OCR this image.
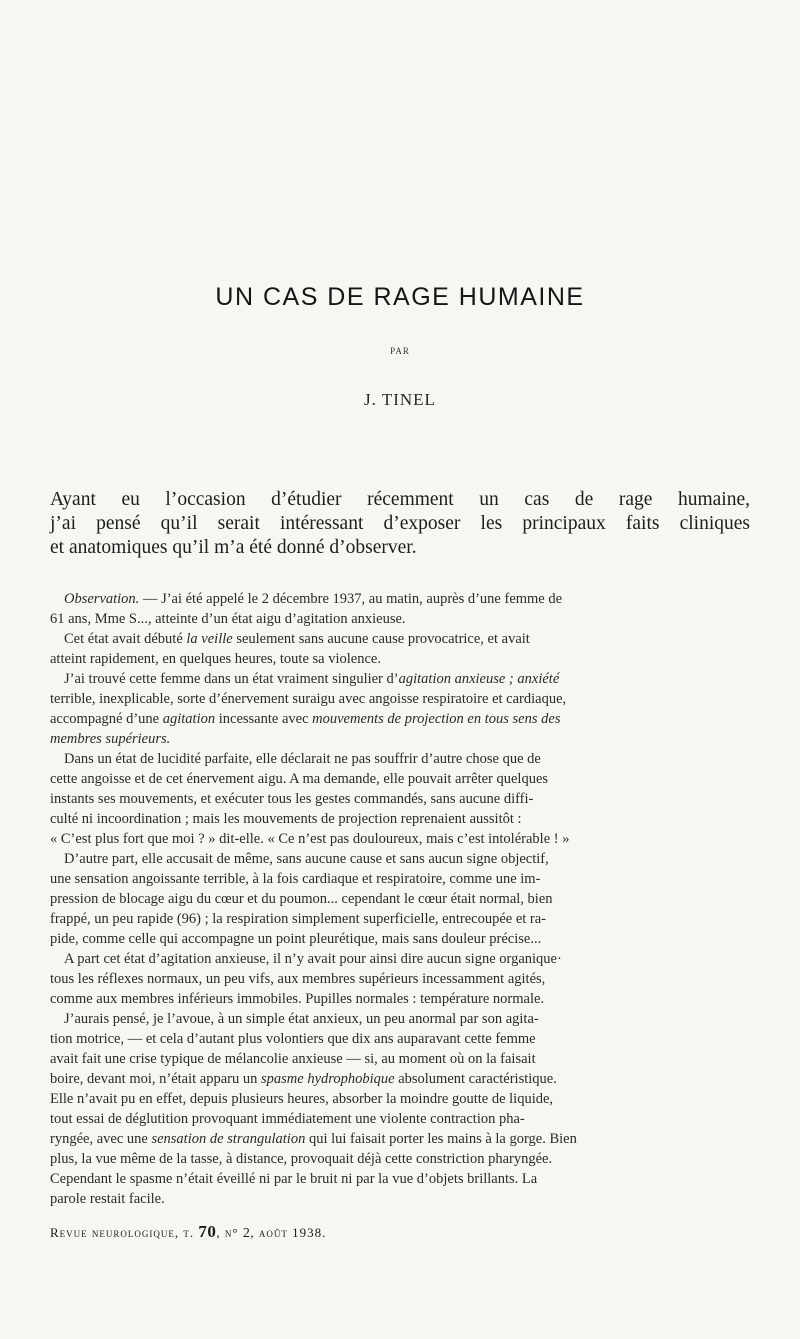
UN CAS DE RAGE HUMAINE
PAR
J. TINEL
Ayant eu l’occasion d’étudier récemment un cas de rage humaine,
j’ai pensé qu’il serait intéressant d’exposer les principaux faits cliniques
et anatomiques qu’il m’a été donné d’observer.
Observation. — J’ai été appelé le 2 décembre 1937, au matin, auprès d’une femme de
61 ans, Mme S..., atteinte d’un état aigu d’agitation anxieuse.
Cet état avait débuté la veille seulement sans aucune cause provocatrice, et avait
atteint rapidement, en quelques heures, toute sa violence.
J’ai trouvé cette femme dans un état vraiment singulier d’agitation anxieuse ; anxiété
terrible, inexplicable, sorte d’énervement suraigu avec angoisse respiratoire et cardiaque,
accompagné d’une agitation incessante avec mouvements de projection en tous sens des
membres supérieurs.
Dans un état de lucidité parfaite, elle déclarait ne pas souffrir d’autre chose que de
cette angoisse et de cet énervement aigu. A ma demande, elle pouvait arrêter quelques
instants ses mouvements, et exécuter tous les gestes commandés, sans aucune diffi-
culté ni incoordination ; mais les mouvements de projection reprenaient aussitôt :
« C’est plus fort que moi ? » dit-elle. « Ce n’est pas douloureux, mais c’est intolérable ! »
D’autre part, elle accusait de même, sans aucune cause et sans aucun signe objectif,
une sensation angoissante terrible, à la fois cardiaque et respiratoire, comme une im-
pression de blocage aigu du cœur et du poumon... cependant le cœur était normal, bien
frappé, un peu rapide (96) ; la respiration simplement superficielle, entrecoupée et ra-
pide, comme celle qui accompagne un point pleurétique, mais sans douleur précise...
A part cet état d’agitation anxieuse, il n’y avait pour ainsi dire aucun signe organique·
tous les réflexes normaux, un peu vifs, aux membres supérieurs incessamment agités,
comme aux membres inférieurs immobiles. Pupilles normales : température normale.
J’aurais pensé, je l’avoue, à un simple état anxieux, un peu anormal par son agita-
tion motrice, — et cela d’autant plus volontiers que dix ans auparavant cette femme
avait fait une crise typique de mélancolie anxieuse — si, au moment où on la faisait
boire, devant moi, n’était apparu un spasme hydrophobique absolument caractéristique.
Elle n’avait pu en effet, depuis plusieurs heures, absorber la moindre goutte de liquide,
tout essai de déglutition provoquant immédiatement une violente contraction pha-
ryngée, avec une sensation de strangulation qui lui faisait porter les mains à la gorge. Bien
plus, la vue même de la tasse, à distance, provoquait déjà cette constriction pharyngée.
Cependant le spasme n’était éveillé ni par le bruit ni par la vue d’objets brillants. La
parole restait facile.
Revue neurologique, t. 70, n° 2, août 1938.
